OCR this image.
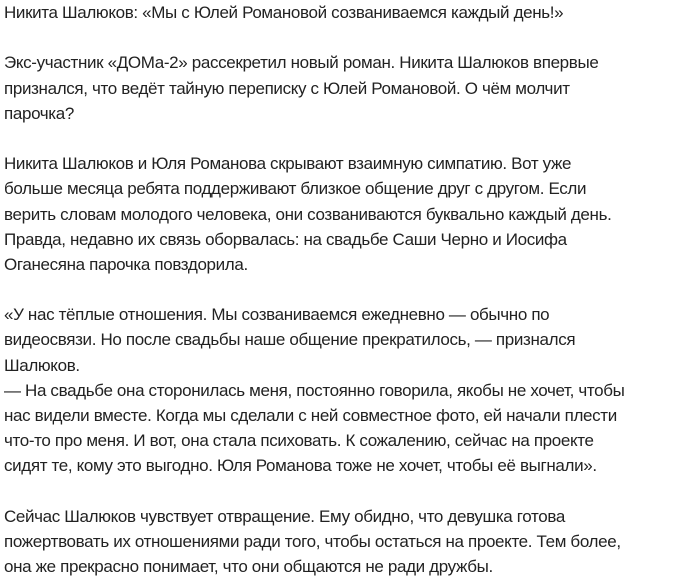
Никита Шалюков: «Мы с Юлей Романовой созваниваемся каждый день!»
Экс-участник «ДОМа-2» рассекретил новый роман. Никита Шалюков впервые
признался, что ведёт тайную переписку с Юлей Романовой. О чём молчит
парочка?
Никита Шалюков и Юля Романова скрывают взаимную симпатию. Вот уже
больше месяца ребята поддерживают близкое общение друг с другом. Если
верить словам молодого человека, они созваниваются буквально каждый день.
Правда, недавно их связь оборвалась: на свадьбе Саши Черно и Иосифа
Оганесяна парочка повздорила.
«У нас тёплые отношения. Мы созваниваемся ежедневно — обычно по
видеосвязи. Но после свадьбы наше общение прекратилось, — признался
Шалюков.
— На свадьбе она сторонилась меня, постоянно говорила, якобы не хочет, чтобы
нас видели вместе. Когда мы сделали с ней совместное фото, ей начали плести
что-то про меня. И вот, она стала психовать. К сожалению, сейчас на проекте
сидят те, кому это выгодно. Юля Романова тоже не хочет, чтобы её выгнали».
Сейчас Шалюков чувствует отвращение. Ему обидно, что девушка готова
пожертвовать их отношениями ради того, чтобы остаться на проекте. Тем более,
она же прекрасно понимает, что они общаются не ради дружбы.
